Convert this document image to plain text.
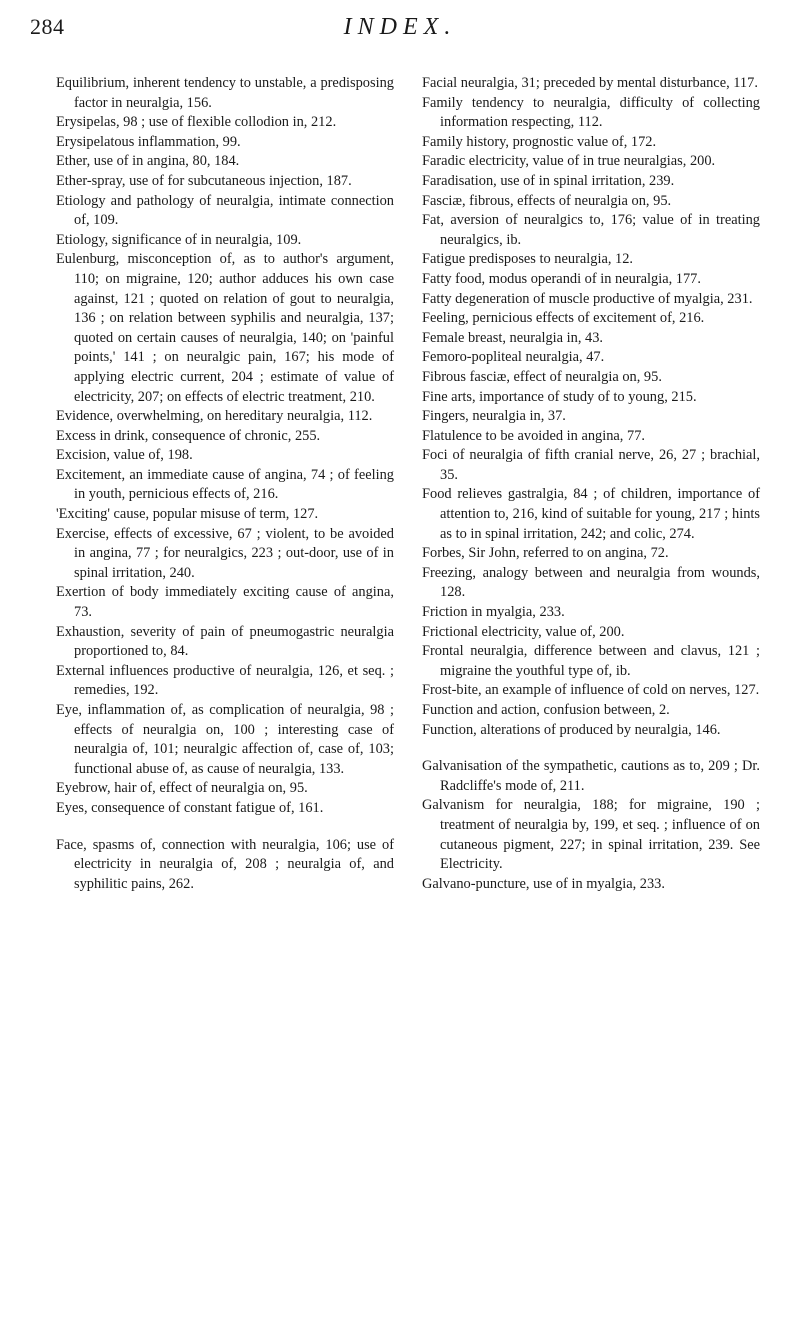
284	INDEX.

Equilibrium, inherent tendency to unstable, a predisposing factor in neuralgia, 156.

Erysipelas, 98 ; use of flexible collodion in, 212.

Erysipelatous inflammation, 99.

Ether, use of in angina, 80, 184.

Ether-spray, use of for subcutaneous injection, 187.

Etiology and pathology of neuralgia, intimate connection of, 109.

Etiology, significance of in neuralgia, 109.

Eulenburg, misconception of, as to author's argument, 110; on migraine, 120; author adduces his own case against, 121 ; quoted on relation of gout to neuralgia, 136 ; on relation between syphilis and neuralgia, 137; quoted on certain causes of neuralgia, 140; on 'painful points,' 141 ; on neuralgic pain, 167; his mode of applying electric current, 204 ; estimate of value of electricity, 207; on effects of electric treatment, 210.

Evidence, overwhelming, on hereditary neuralgia, 112.

Excess in drink, consequence of chronic, 255.

Excision, value of, 198.

Excitement, an immediate cause of angina, 74 ; of feeling in youth, pernicious effects of, 216.

'Exciting' cause, popular misuse of term, 127.

Exercise, effects of excessive, 67 ; violent, to be avoided in angina, 77 ; for neuralgics, 223 ; out-door, use of in spinal irritation, 240.

Exertion of body immediately exciting cause of angina, 73.

Exhaustion, severity of pain of pneumogastric neuralgia proportioned to, 84.

External influences productive of neuralgia, 126, et seq. ; remedies, 192.

Eye, inflammation of, as complication of neuralgia, 98 ; effects of neuralgia on, 100 ; interesting case of neuralgia of, 101; neuralgic affection of, case of, 103; functional abuse of, as cause of neuralgia, 133.

Eyebrow, hair of, effect of neuralgia on, 95.

Eyes, consequence of constant fatigue of, 161.

Face, spasms of, connection with neuralgia, 106; use of electricity in neuralgia of, 208 ; neuralgia of, and syphilitic pains, 262.

Facial neuralgia, 31; preceded by mental disturbance, 117.

Family tendency to neuralgia, difficulty of collecting information respecting, 112.

Family history, prognostic value of, 172.

Faradic electricity, value of in true neuralgias, 200.

Faradisation, use of in spinal irritation, 239.

Fasciæ, fibrous, effects of neuralgia on, 95.

Fat, aversion of neuralgics to, 176; value of in treating neuralgics, ib.

Fatigue predisposes to neuralgia, 12.

Fatty food, modus operandi of in neuralgia, 177.

Fatty degeneration of muscle productive of myalgia, 231.

Feeling, pernicious effects of excitement of, 216.

Female breast, neuralgia in, 43.

Femoro-popliteal neuralgia, 47.

Fibrous fasciæ, effect of neuralgia on, 95.

Fine arts, importance of study of to young, 215.

Fingers, neuralgia in, 37.

Flatulence to be avoided in angina, 77.

Foci of neuralgia of fifth cranial nerve, 26, 27 ; brachial, 35.

Food relieves gastralgia, 84 ; of children, importance of attention to, 216, kind of suitable for young, 217 ; hints as to in spinal irritation, 242; and colic, 274.

Forbes, Sir John, referred to on angina, 72.

Freezing, analogy between and neuralgia from wounds, 128.

Friction in myalgia, 233.

Frictional electricity, value of, 200.

Frontal neuralgia, difference between and clavus, 121 ; migraine the youthful type of, ib.

Frost-bite, an example of influence of cold on nerves, 127.

Function and action, confusion between, 2.

Function, alterations of produced by neuralgia, 146.

Galvanisation of the sympathetic, cautions as to, 209 ; Dr. Radcliffe's mode of, 211.

Galvanism for neuralgia, 188; for migraine, 190 ; treatment of neuralgia by, 199, et seq. ; influence of on cutaneous pigment, 227; in spinal irritation, 239. See Electricity.

Galvano-puncture, use of in myalgia, 233.
